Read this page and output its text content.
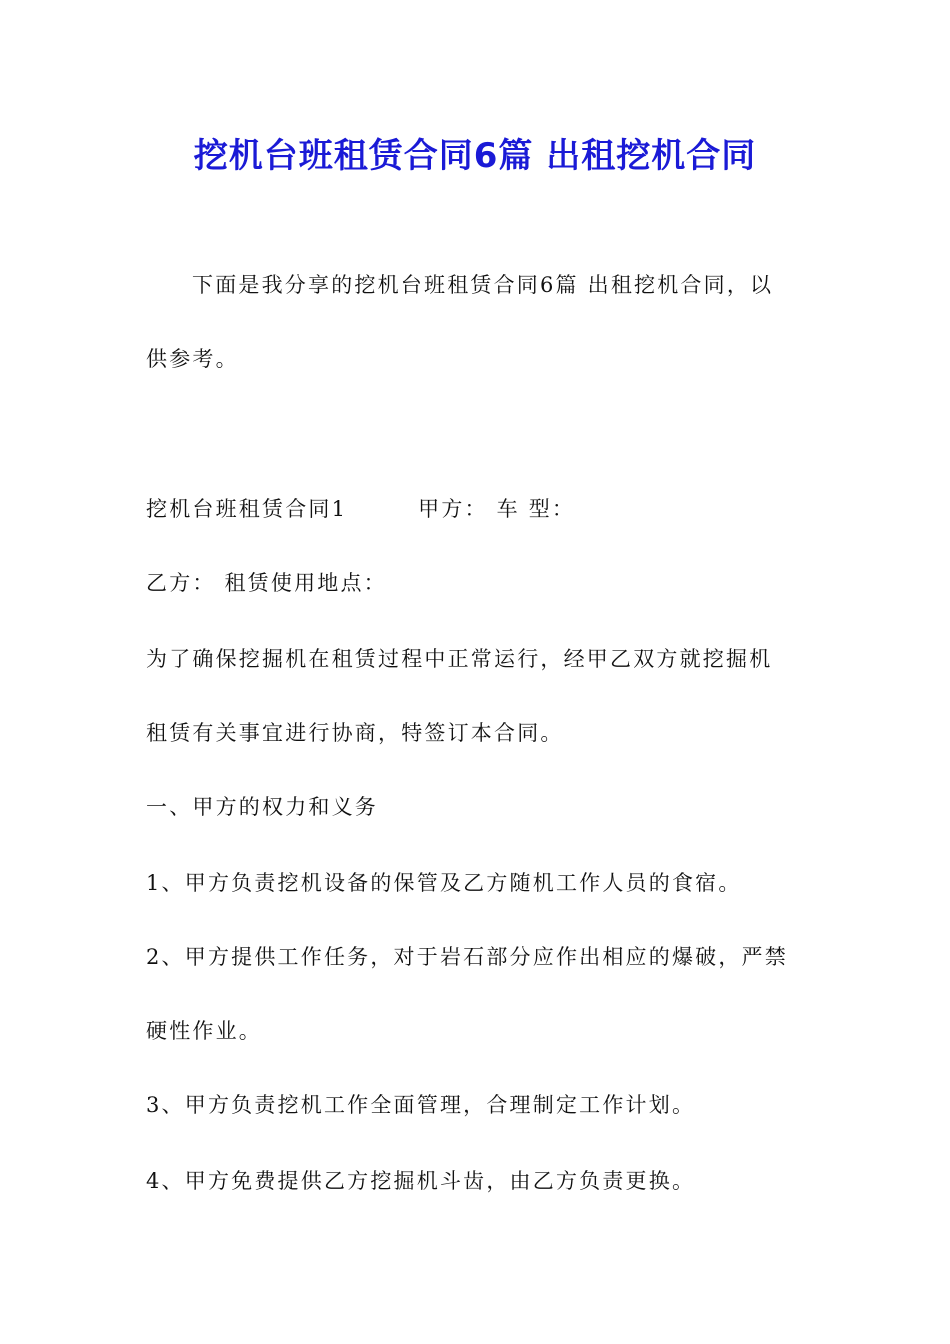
挖机台班租赁合同6篇 出租挖机合同
下面是我分享的挖机台班租赁合同6篇 出租挖机合同，以
供参考。
挖机台班租赁合同1        甲方： 车 型：
乙方： 租赁使用地点：
为了确保挖掘机在租赁过程中正常运行，经甲乙双方就挖掘机
租赁有关事宜进行协商，特签订本合同。
一、甲方的权力和义务
1、甲方负责挖机设备的保管及乙方随机工作人员的食宿。
2、甲方提供工作任务，对于岩石部分应作出相应的爆破，严禁
硬性作业。
3、甲方负责挖机工作全面管理，合理制定工作计划。
4、甲方免费提供乙方挖掘机斗齿，由乙方负责更换。
